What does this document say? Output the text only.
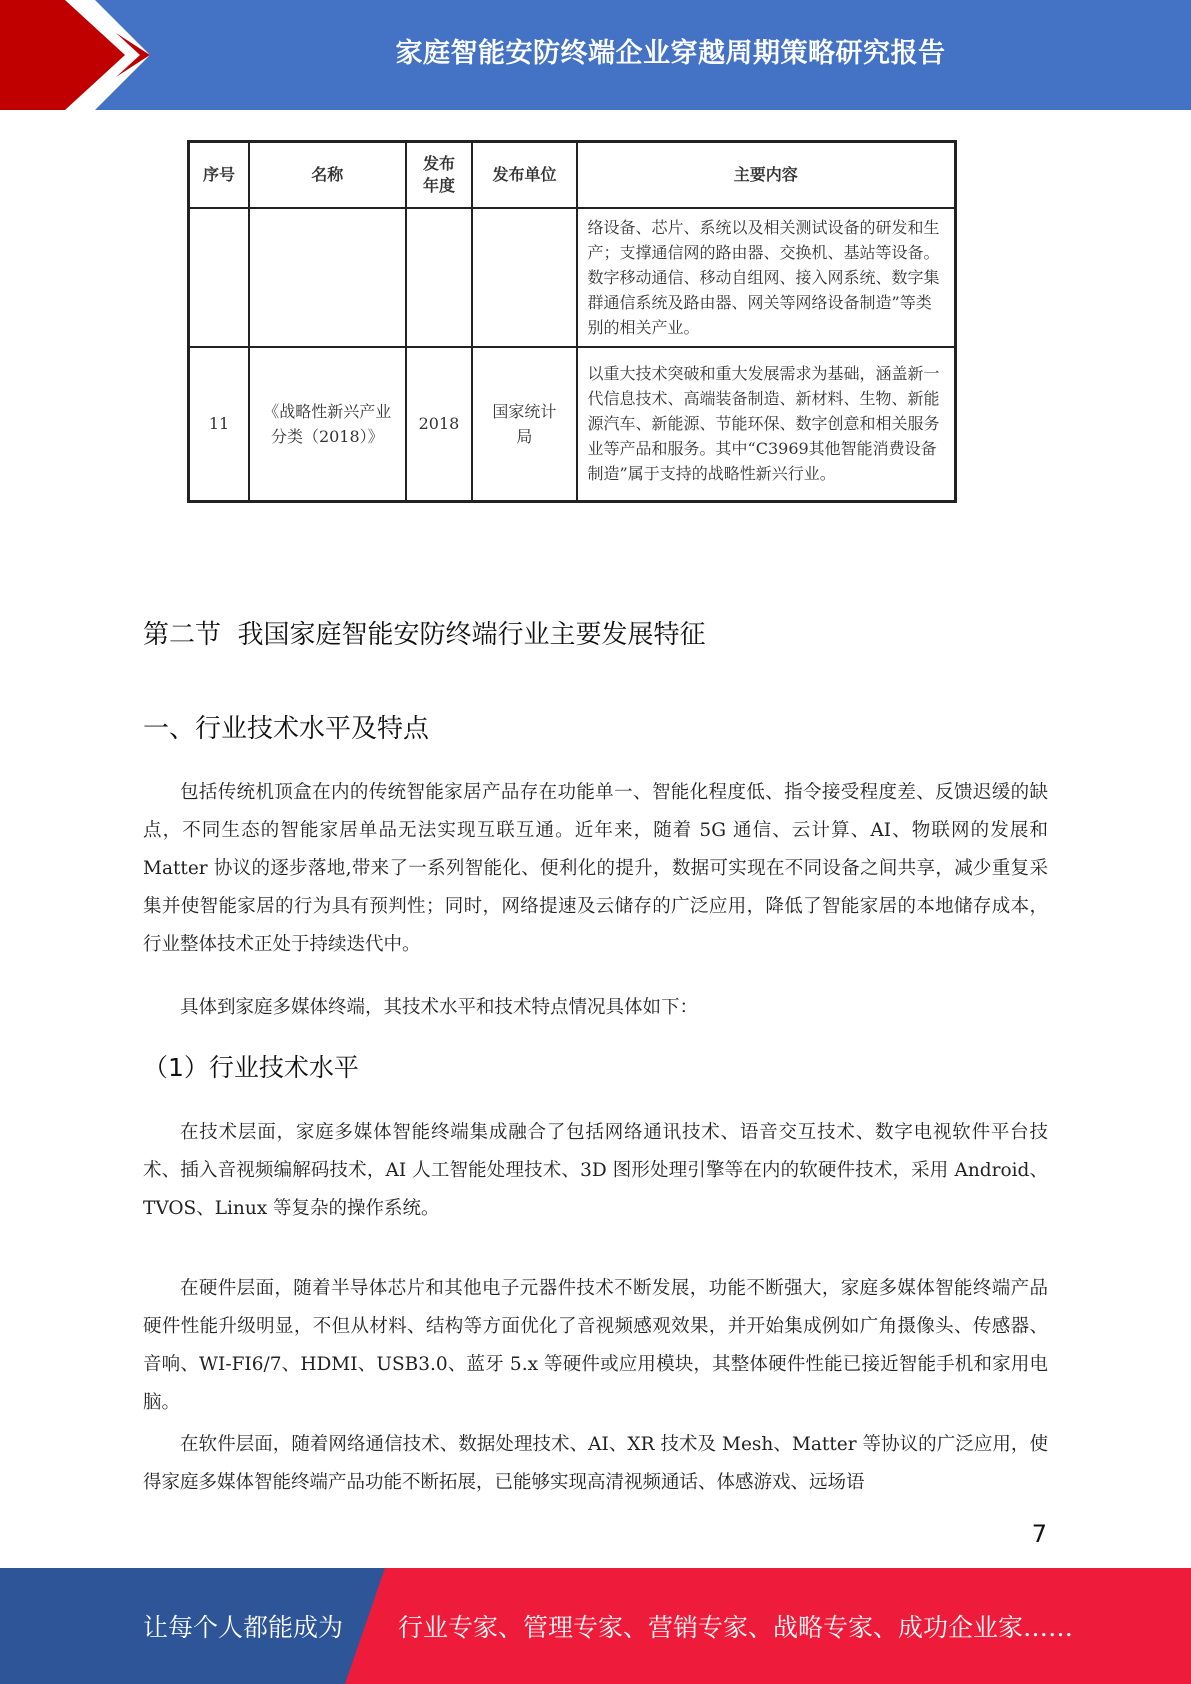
家庭智能安防终端企业穿越周期策略研究报告
序号	名称	发布年度	发布单位	主要内容
				络设备、芯片、系统以及相关测试设备的研发和生产；支撑通信网的路由器、交换机、基站等设备。数字移动通信、移动自组网、接入网系统、数字集群通信系统及路由器、网关等网络设备制造”等类别的相关产业。
11	《战略性新兴产业分类（2018）》	2018	国家统计局	以重大技术突破和重大发展需求为基础，涵盖新一代信息技术、高端装备制造、新材料、生物、新能源汽车、新能源、节能环保、数字创意和相关服务业等产品和服务。其中“C3969其他智能消费设备制造”属于支持的战略性新兴行业。
第二节  我国家庭智能安防终端行业主要发展特征
一、行业技术水平及特点

包括传统机顶盒在内的传统智能家居产品存在功能单一、智能化程度低、指令接受程度差、反馈迟缓的缺点，不同生态的智能家居单品无法实现互联互通。近年来，随着 5G 通信、云计算、AI、物联网的发展和 Matter 协议的逐步落地,带来了一系列智能化、便利化的提升，数据可实现在不同设备之间共享，减少重复采集并使智能家居的行为具有预判性；同时，网络提速及云储存的广泛应用，降低了智能家居的本地储存成本，行业整体技术正处于持续迭代中。

具体到家庭多媒体终端，其技术水平和技术特点情况具体如下：

（1）行业技术水平

在技术层面，家庭多媒体智能终端集成融合了包括网络通讯技术、语音交互技术、数字电视软件平台技术、插入音视频编解码技术，AI 人工智能处理技术、3D 图形处理引擎等在内的软硬件技术，采用 Android、TVOS、Linux 等复杂的操作系统。

在硬件层面，随着半导体芯片和其他电子元器件技术不断发展，功能不断强大，家庭多媒体智能终端产品硬件性能升级明显，不但从材料、结构等方面优化了音视频感观效果，并开始集成例如广角摄像头、传感器、音响、WI-FI6/7、HDMI、USB3.0、蓝牙 5.x 等硬件或应用模块，其整体硬件性能已接近智能手机和家用电脑。

在软件层面，随着网络通信技术、数据处理技术、AI、XR 技术及 Mesh、Matter 等协议的广泛应用，使得家庭多媒体智能终端产品功能不断拓展，已能够实现高清视频通话、体感游戏、远场语

7
让每个人都能成为 行业专家、管理专家、营销专家、战略专家、成功企业家……
